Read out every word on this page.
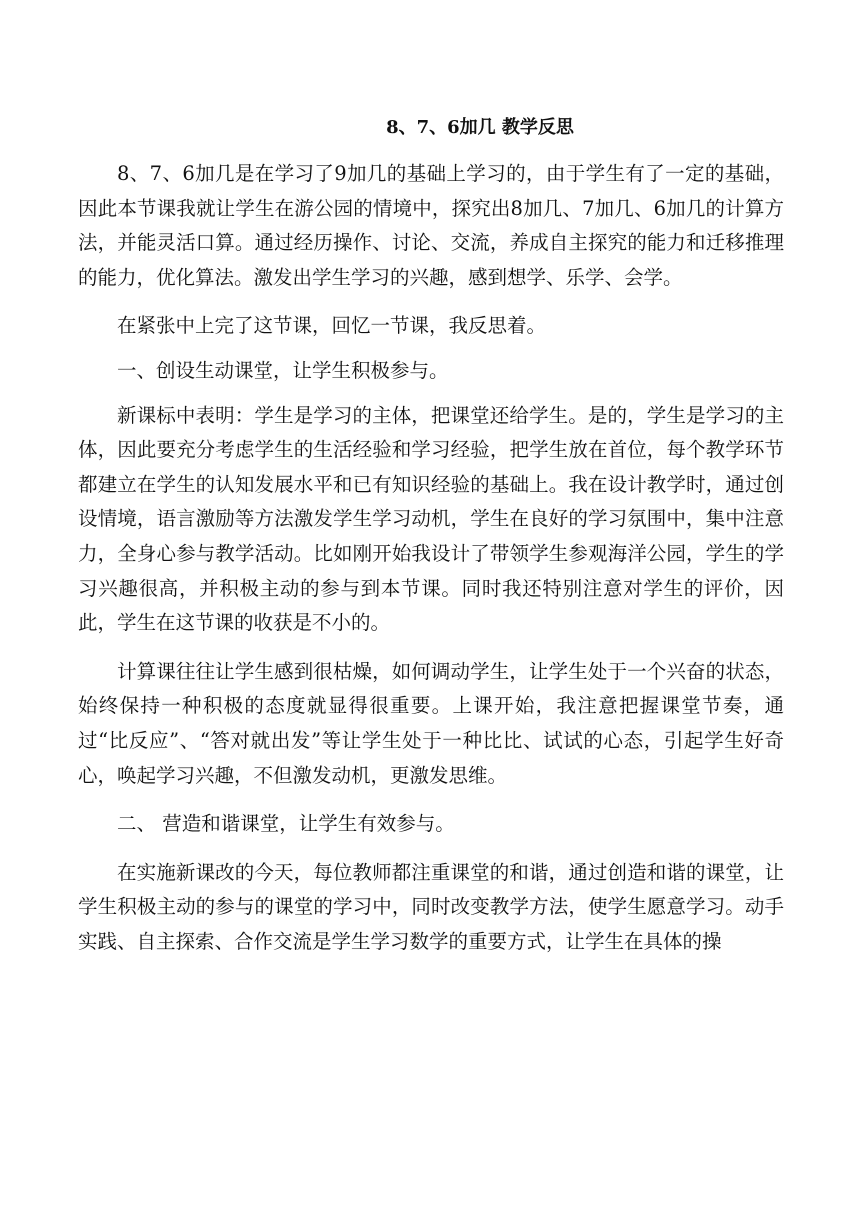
8、7、6加几 教学反思

8、7、6加几是在学习了9加几的基础上学习的，由于学生有了一定的基础，因此本节课我就让学生在游公园的情境中，探究出8加几、7加几、6加几的计算方法，并能灵活口算。通过经历操作、讨论、交流，养成自主探究的能力和迁移推理的能力，优化算法。激发出学生学习的兴趣，感到想学、乐学、会学。

在紧张中上完了这节课，回忆一节课，我反思着。

一、创设生动课堂，让学生积极参与。

新课标中表明：学生是学习的主体，把课堂还给学生。是的，学生是学习的主体，因此要充分考虑学生的生活经验和学习经验，把学生放在首位，每个教学环节都建立在学生的认知发展水平和已有知识经验的基础上。我在设计教学时，通过创设情境，语言激励等方法激发学生学习动机，学生在良好的学习氛围中，集中注意力，全身心参与教学活动。比如刚开始我设计了带领学生参观海洋公园，学生的学习兴趣很高，并积极主动的参与到本节课。同时我还特别注意对学生的评价，因此，学生在这节课的收获是不小的。

计算课往往让学生感到很枯燥，如何调动学生，让学生处于一个兴奋的状态，始终保持一种积极的态度就显得很重要。上课开始，我注意把握课堂节奏，通过“比反应”、“答对就出发”等让学生处于一种比比、试试的心态，引起学生好奇心，唤起学习兴趣，不但激发动机，更激发思维。

二、 营造和谐课堂，让学生有效参与。

在实施新课改的今天，每位教师都注重课堂的和谐，通过创造和谐的课堂，让学生积极主动的参与的课堂的学习中，同时改变教学方法，使学生愿意学习。动手实践、自主探索、合作交流是学生学习数学的重要方式，让学生在具体的操
